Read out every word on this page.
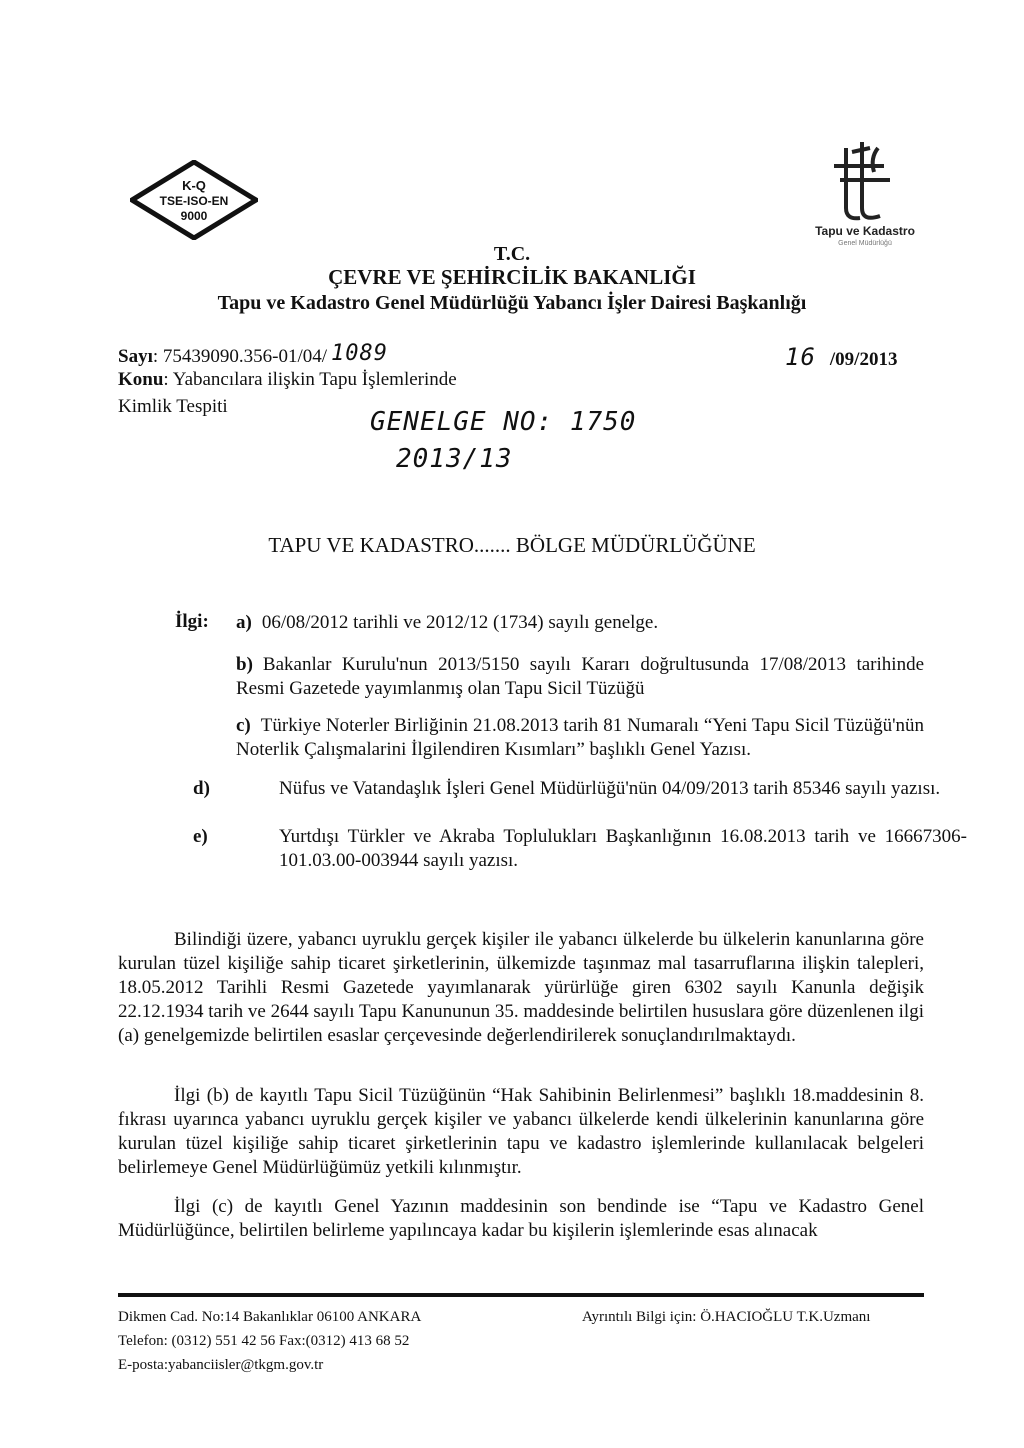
K-Q
TSE-ISO-EN
9000
Tapu ve Kadastro
Genel Müdürlüğü
T.C.
ÇEVRE VE ŞEHİRCİLİK BAKANLIĞI
Tapu ve Kadastro Genel Müdürlüğü Yabancı İşler Dairesi Başkanlığı
Sayı: 75439090.356-01/04/ 1089	16 /09/2013
Konu: Yabancılara ilişkin Tapu İşlemlerinde
Kimlik Tespiti
GENELGE NO: 1750
2013/13
TAPU VE KADASTRO....... BÖLGE MÜDÜRLÜĞÜNE
İlgi: a) 06/08/2012 tarihli ve 2012/12 (1734) sayılı genelge.
b) Bakanlar Kurulu'nun 2013/5150 sayılı Kararı doğrultusunda 17/08/2013 tarihinde Resmi Gazetede yayımlanmış olan Tapu Sicil Tüzüğü
c) Türkiye Noterler Birliğinin 21.08.2013 tarih 81 Numaralı “Yeni Tapu Sicil Tüzüğü'nün Noterlik Çalışmalarini İlgilendiren Kısımları” başlıklı Genel Yazısı.
d)	Nüfus ve Vatandaşlık İşleri Genel Müdürlüğü'nün 04/09/2013 tarih 85346 sayılı yazısı.
e)	Yurtdışı Türkler ve Akraba Toplulukları Başkanlığının 16.08.2013 tarih ve 16667306- 101.03.00-003944 sayılı yazısı.
Bilindiği üzere, yabancı uyruklu gerçek kişiler ile yabancı ülkelerde bu ülkelerin kanunlarına göre kurulan tüzel kişiliğe sahip ticaret şirketlerinin, ülkemizde taşınmaz mal tasarruflarına ilişkin talepleri, 18.05.2012 Tarihli Resmi Gazetede yayımlanarak yürürlüğe giren 6302 sayılı Kanunla değişik 22.12.1934 tarih ve 2644 sayılı Tapu Kanununun 35. maddesinde belirtilen hususlara göre düzenlenen ilgi (a) genelgemizde belirtilen esaslar çerçevesinde değerlendirilerek sonuçlandırılmaktaydı.
İlgi (b) de kayıtlı Tapu Sicil Tüzüğünün “Hak Sahibinin Belirlenmesi” başlıklı 18.maddesinin 8. fıkrası uyarınca yabancı uyruklu gerçek kişiler ve yabancı ülkelerde kendi ülkelerinin kanunlarına göre kurulan tüzel kişiliğe sahip ticaret şirketlerinin tapu ve kadastro işlemlerinde kullanılacak belgeleri belirlemeye Genel Müdürlüğümüz yetkili kılınmıştır.
İlgi (c) de kayıtlı Genel Yazının maddesinin son bendinde ise “Tapu ve Kadastro Genel Müdürlüğünce, belirtilen belirleme yapılıncaya kadar bu kişilerin işlemlerinde esas alınacak
Dikmen Cad. No:14 Bakanlıklar 06100 ANKARA
Telefon: (0312) 551 42 56 Fax:(0312) 413 68 52
E-posta:yabanciisler@tkgm.gov.tr
Ayrıntılı Bilgi için: Ö.HACIOĞLU T.K.Uzmanı
